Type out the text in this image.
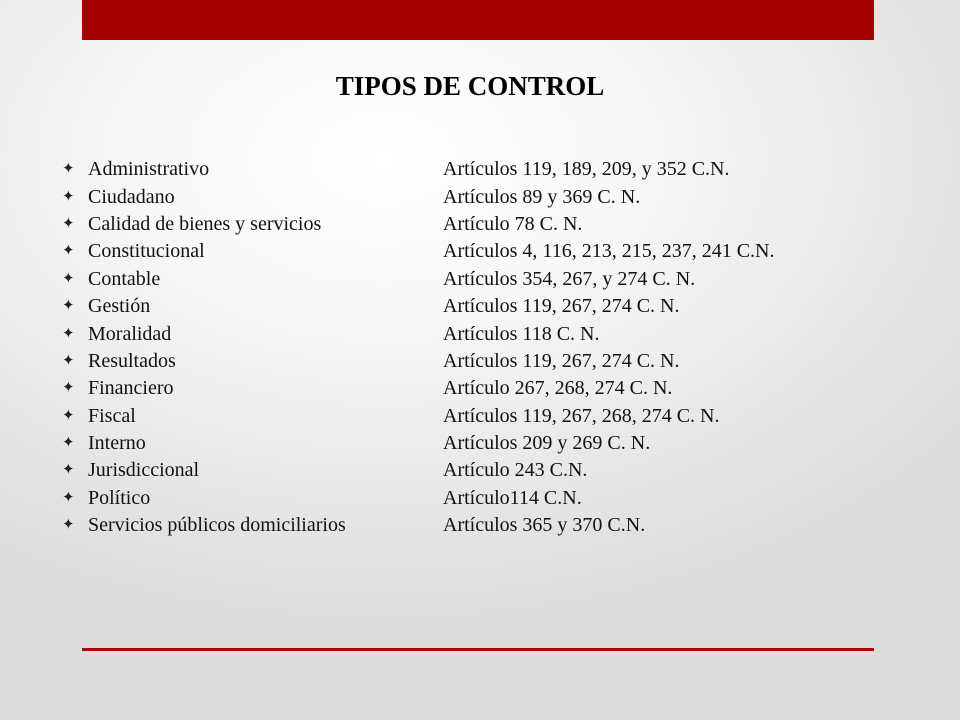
TIPOS DE CONTROL
✦ Administrativo	Artículos 119, 189, 209, y 352 C.N.
✦ Ciudadano	Artículos 89 y 369 C. N.
✦ Calidad de bienes y servicios	Artículo 78 C. N.
✦ Constitucional	Artículos 4, 116, 213, 215, 237, 241 C.N.
✦ Contable	Artículos 354, 267, y 274 C. N.
✦ Gestión	Artículos 119, 267, 274 C. N.
✦ Moralidad	Artículos 118 C. N.
✦ Resultados	Artículos 119, 267, 274 C. N.
✦ Financiero	Artículo 267, 268, 274 C. N.
✦ Fiscal	Artículos 119, 267, 268, 274 C. N.
✦ Interno	Artículos 209 y 269 C. N.
✦ Jurisdiccional	Artículo 243 C.N.
✦ Político	Artículo114 C.N.
✦ Servicios públicos domiciliarios	Artículos 365 y 370 C.N.
